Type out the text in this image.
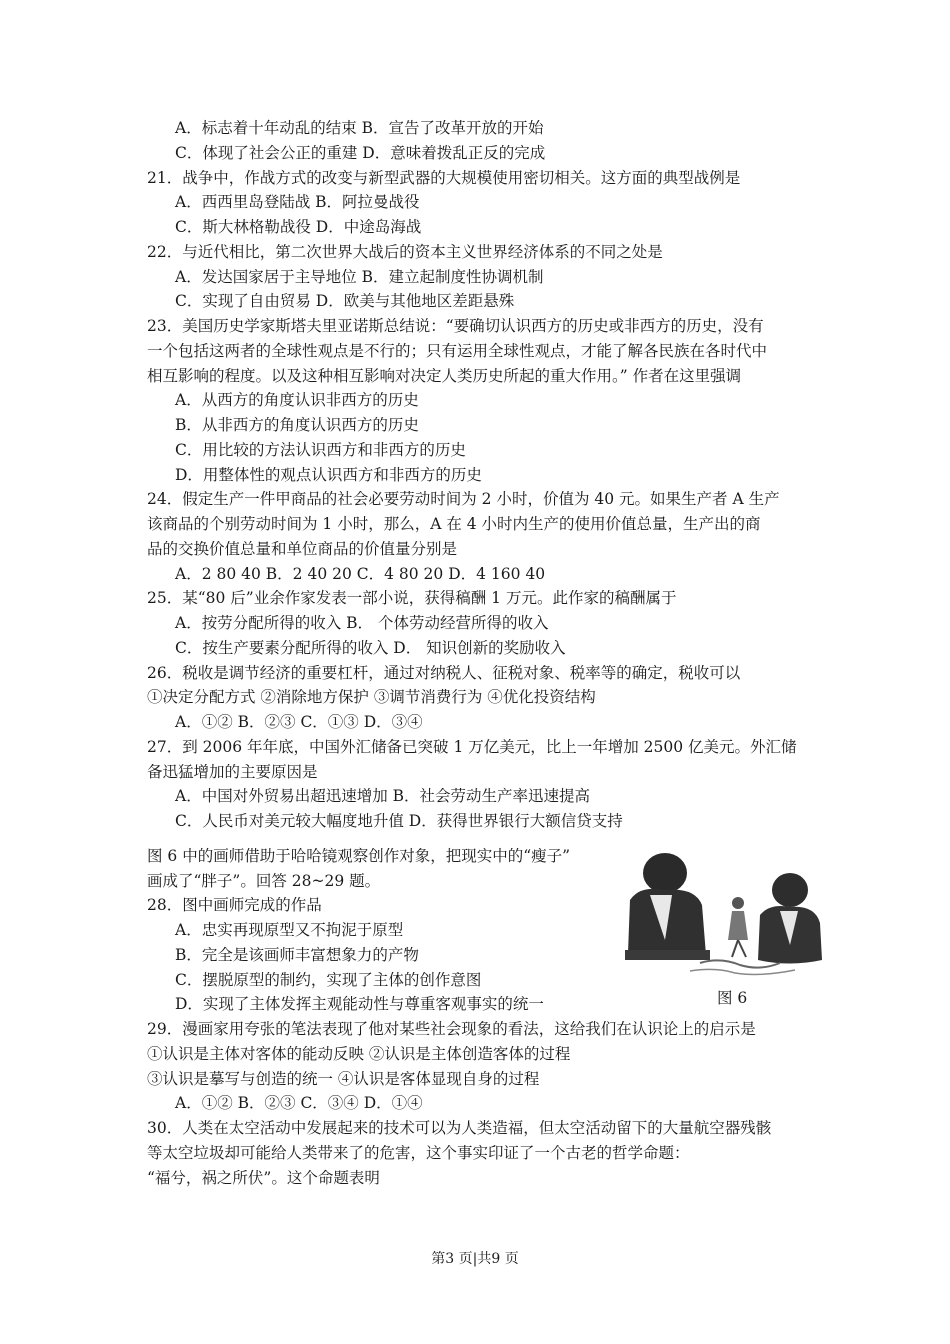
A．标志着十年动乱的结束 B．宣告了改革开放的开始
C．体现了社会公正的重建 D．意味着拨乱正反的完成
21．战争中，作战方式的改变与新型武器的大规模使用密切相关。这方面的典型战例是
A．西西里岛登陆战 B．阿拉曼战役
C．斯大林格勒战役 D．中途岛海战
22．与近代相比，第二次世界大战后的资本主义世界经济体系的不同之处是
A．发达国家居于主导地位 B．建立起制度性协调机制
C．实现了自由贸易 D．欧美与其他地区差距悬殊
23．美国历史学家斯塔夫里亚诺斯总结说：“要确切认识西方的历史或非西方的历史，没有
一个包括这两者的全球性观点是不行的；只有运用全球性观点，才能了解各民族在各时代中
相互影响的程度。以及这种相互影响对决定人类历史所起的重大作用。” 作者在这里强调
A．从西方的角度认识非西方的历史
B．从非西方的角度认识西方的历史
C．用比较的方法认识西方和非西方的历史
D．用整体性的观点认识西方和非西方的历史
24．假定生产一件甲商品的社会必要劳动时间为 2 小时，价值为 40 元。如果生产者 A 生产
该商品的个别劳动时间为 1 小时，那么，A 在 4 小时内生产的使用价值总量，生产出的商
品的交换价值总量和单位商品的价值量分别是
A．2 80 40 B．2 40 20 C．4 80 20 D．4 160 40
25．某“80 后”业余作家发表一部小说，获得稿酬 1 万元。此作家的稿酬属于
A．按劳分配所得的收入 B． 个体劳动经营所得的收入
C．按生产要素分配所得的收入 D． 知识创新的奖励收入
26．税收是调节经济的重要杠杆，通过对纳税人、征税对象、税率等的确定，税收可以
①决定分配方式 ②消除地方保护 ③调节消费行为 ④优化投资结构
A．①② B．②③ C．①③ D．③④
27．到 2006 年年底，中国外汇储备已突破 1 万亿美元，比上一年增加 2500 亿美元。外汇储
备迅猛增加的主要原因是
A．中国对外贸易出超迅速增加 B．社会劳动生产率迅速提高
C．人民币对美元较大幅度地升值 D．获得世界银行大额信贷支持
图 6 中的画师借助于哈哈镜观察创作对象，把现实中的“瘦子”
画成了“胖子”。回答 28~29 题。
28．图中画师完成的作品
A．忠实再现原型又不拘泥于原型
B．完全是该画师丰富想象力的产物
C．摆脱原型的制约，实现了主体的创作意图
D．实现了主体发挥主观能动性与尊重客观事实的统一
29．漫画家用夸张的笔法表现了他对某些社会现象的看法，这给我们在认识论上的启示是
①认识是主体对客体的能动反映 ②认识是主体创造客体的过程
③认识是摹写与创造的统一 ④认识是客体显现自身的过程
A．①② B．②③ C．③④ D．①④
30．人类在太空活动中发展起来的技术可以为人类造福，但太空活动留下的大量航空器残骸
等太空垃圾却可能给人类带来了的危害，这个事实印证了一个古老的哲学命题：
“福兮，祸之所伏”。这个命题表明
图 6
第3 页|共9 页
